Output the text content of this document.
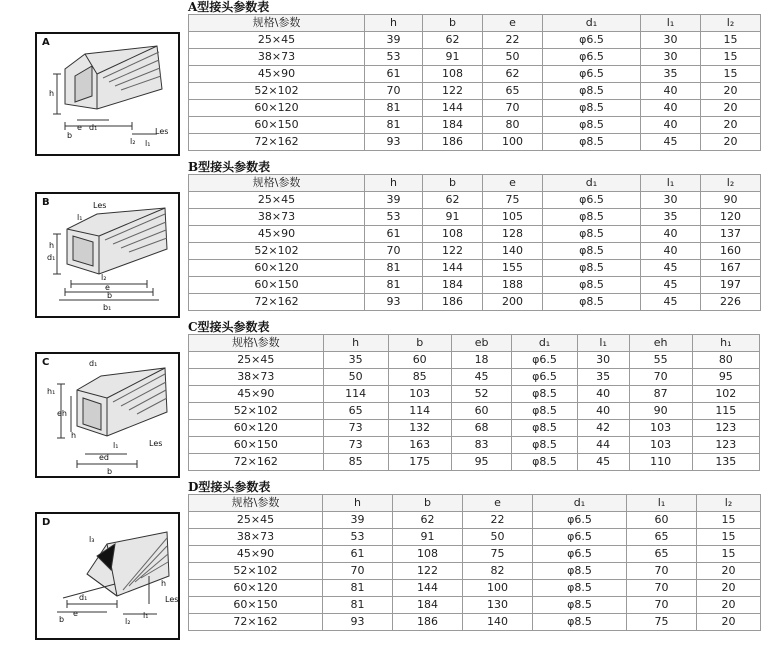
A型接头参数表
A
h
b
e d₁
l₂ l₁
Les
规格\参数	h	b	e	d₁	l₁	l₂
25×45	39	62	22	φ6.5	30	15
38×73	53	91	50	φ6.5	30	15
45×90	61	108	62	φ6.5	35	15
52×102	70	122	65	φ8.5	40	20
60×120	81	144	70	φ8.5	40	20
60×150	81	184	80	φ8.5	40	20
72×162	93	186	100	φ8.5	45	20
B型接头参数表
B	Les
l₁
h
d₁
l₂
e
b
b₁
规格\参数	h	b	e	d₁	l₁	l₂
25×45	39	62	75	φ6.5	30	90
38×73	53	91	105	φ8.5	35	120
45×90	61	108	128	φ8.5	40	137
52×102	70	122	140	φ8.5	40	160
60×120	81	144	155	φ8.5	45	167
60×150	81	184	188	φ8.5	45	197
72×162	93	186	200	φ8.5	45	226
C型接头参数表
C	d₁
h₁
eh
h
l₁
ed
b
Les
规格\参数	h	b	eb	d₁	l₁	eh	h₁
25×45	35	60	18	φ6.5	30	55	80
38×73	50	85	45	φ6.5	35	70	95
45×90	114	103	52	φ8.5	40	87	102
52×102	65	114	60	φ8.5	40	90	115
60×120	73	132	68	φ8.5	42	103	123
60×150	73	163	83	φ8.5	44	103	123
72×162	85	175	95	φ8.5	45	110	135
D型接头参数表
D
l₃
h
Les
d₁
l₂
l₁
b
e
规格\参数	h	b	e	d₁	l₁	l₂
25×45	39	62	22	φ6.5	60	15
38×73	53	91	50	φ6.5	65	15
45×90	61	108	75	φ6.5	65	15
52×102	70	122	82	φ8.5	70	20
60×120	81	144	100	φ8.5	70	20
60×150	81	184	130	φ8.5	70	20
72×162	93	186	140	φ8.5	75	20
